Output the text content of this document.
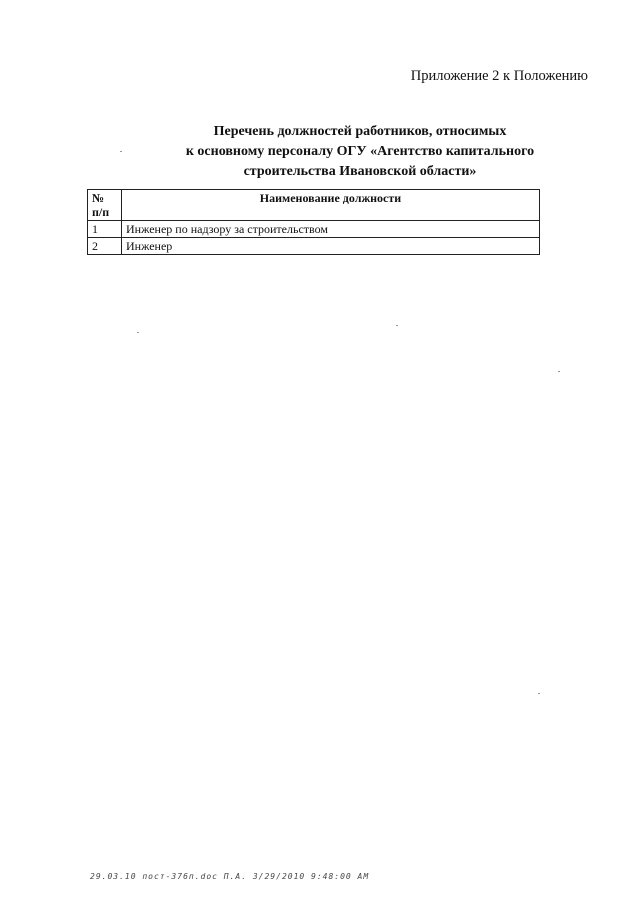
Приложение 2 к Положению
Перечень должностей работников, относимых
к основному персоналу ОГУ «Агентство капитального
строительства Ивановской области»
№
п/п	Наименование должности
1	Инженер по надзору за строительством
2	Инженер
29.03.10 пост-376п.doc П.А. 3/29/2010 9:48:00 AM
